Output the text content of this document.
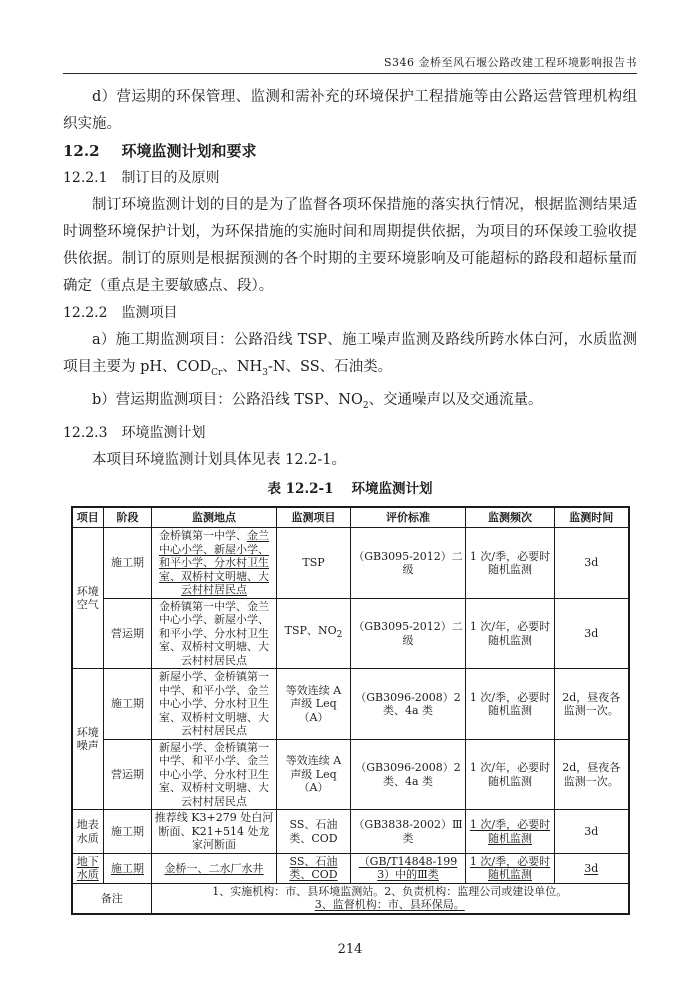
S346 金桥至风石堰公路改建工程环境影响报告书

d）营运期的环保管理、监测和需补充的环境保护工程措施等由公路运营管理机构组织实施。

12.2 环境监测计划和要求
12.2.1 制订目的及原则

制订环境监测计划的目的是为了监督各项环保措施的落实执行情况，根据监测结果适时调整环境保护计划，为环保措施的实施时间和周期提供依据，为项目的环保竣工验收提供依据。制订的原则是根据预测的各个时期的主要环境影响及可能超标的路段和超标量而确定（重点是主要敏感点、段）。

12.2.2 监测项目

a）施工期监测项目：公路沿线 TSP、施工噪声监测及路线所跨水体白河，水质监测项目主要为 pH、$COD_{Cr}$、$NH_3-N$、SS、石油类。

b）营运期监测项目：公路沿线 TSP、$NO_2$、交通噪声以及交通流量。

12.2.3 环境监测计划

本项目环境监测计划具体见表 12.2-1。

表 12.2-1 环境监测计划
项目	阶段	监测地点	监测项目	评价标准	监测频次	监测时间
环境空气	施工期	金桥镇第一中学、金兰中心小学、新屋小学、和平小学、分水村卫生室、双桥村文明塘、大云村村居民点	TSP	（GB3095-2012）二级	1 次/季，必要时随机监测	3d
	营运期	金桥镇第一中学、金兰中心小学、新屋小学、和平小学、分水村卫生室、双桥村文明塘、大云村村居民点	TSP、$NO_2$	（GB3095-2012）二级	1 次/年，必要时随机监测	3d
环境噪声	施工期	新屋小学、金桥镇第一中学、和平小学、金兰中心小学、分水村卫生室、双桥村文明塘、大云村村居民点	等效连续 A 声级 Leq（A）	（GB3096-2008）2 类、4a 类	1 次/季，必要时随机监测	2d，昼夜各监测一次。
	营运期	新屋小学、金桥镇第一中学、和平小学、金兰中心小学、分水村卫生室、双桥村文明塘、大云村村居民点	等效连续 A 声级 Leq（A）	（GB3096-2008）2 类、4a 类	1 次/年，必要时随机监测	2d，昼夜各监测一次。
地表水质	施工期	推荐线 K3+279 处白河断面、K21+514 处龙家河断面	SS、石油类、COD	（GB3838-2002）Ⅲ类	1 次/季，必要时随机监测	3d
地下水质	施工期	金桥一、二水厂水井	SS、石油类、COD	（GB/T14848-1993）中的Ⅲ类	1 次/季，必要时随机监测	3d
备注		1、实施机构：市、县环境监测站。2、负责机构：监理公司或建设单位。
3、监督机构：市、县环保局。				
214
